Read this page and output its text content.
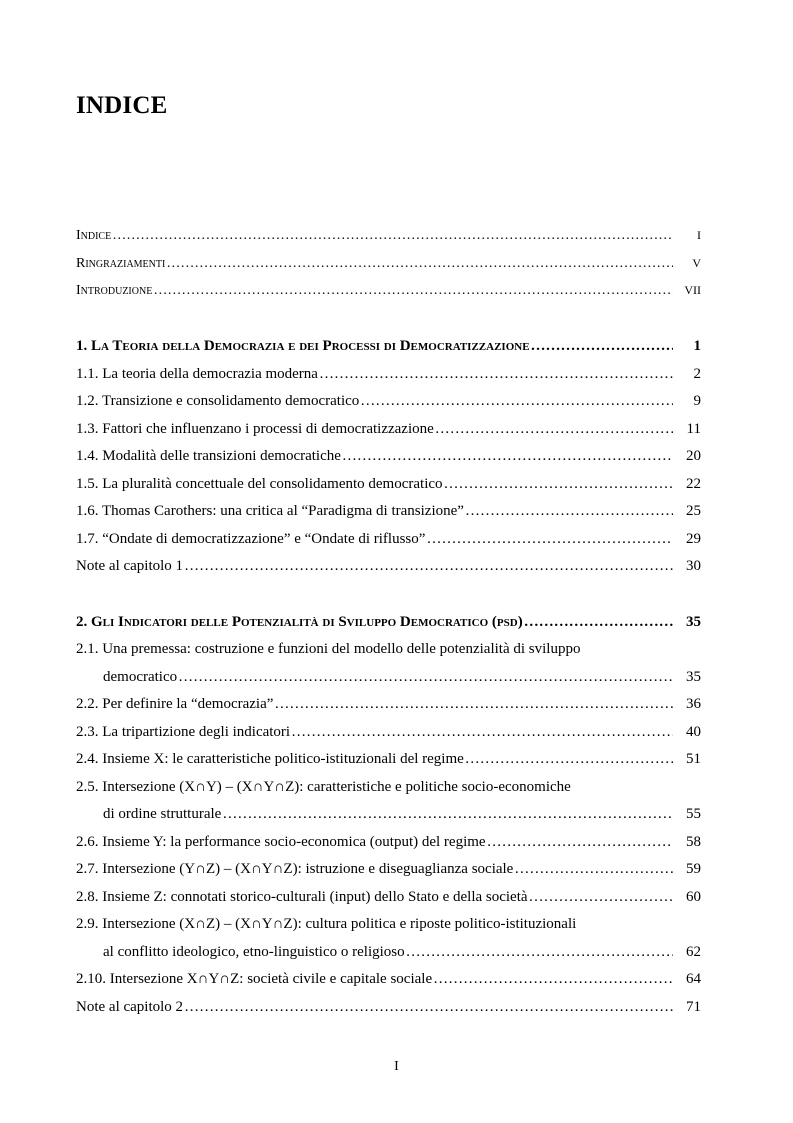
INDICE
Indice ………………………………………………………………………………………………………………………………………………	I
Ringraziamenti ………………………………………………………………………………………………………………………………………………	V
Introduzione ………………………………………………………………………………………………………………………………………………	VII
1. La Teoria della Democrazia e dei Processi di Democratizzazione ………………………………………………………………………………………………………………………………………………	1
1.1. La teoria della democrazia moderna ………………………………………………………………………………………………………………………………………………	2
1.2. Transizione e consolidamento democratico ………………………………………………………………………………………………………………………………………………	9
1.3. Fattori che influenzano i processi di democratizzazione ………………………………………………………………………………………………………………………………………………	11
1.4. Modalità delle transizioni democratiche ………………………………………………………………………………………………………………………………………………	20
1.5. La pluralità concettuale del consolidamento democratico ………………………………………………………………………………………………………………………………………………	22
1.6. Thomas Carothers: una critica al “Paradigma di transizione” ………………………………………………………………………………………………………………………………………………	25
1.7. “Ondate di democratizzazione” e “Ondate di riflusso” ………………………………………………………………………………………………………………………………………………	29
Note al capitolo 1 ………………………………………………………………………………………………………………………………………………	30
2. Gli Indicatori delle Potenzialità di Sviluppo Democratico (psd) ………………………………………………………………………………………………………………………………………………	35
2.1. Una premessa: costruzione e funzioni del modello delle potenzialità di sviluppo
democratico ………………………………………………………………………………………………………………………………………………	35
2.2. Per definire la “democrazia” ………………………………………………………………………………………………………………………………………………	36
2.3. La tripartizione degli indicatori ………………………………………………………………………………………………………………………………………………	40
2.4. Insieme X: le caratteristiche politico-istituzionali del regime ………………………………………………………………………………………………………………………………………………	51
2.5. Intersezione (X∩Y) – (X∩Y∩Z): caratteristiche e politiche socio-economiche
di ordine strutturale ………………………………………………………………………………………………………………………………………………	55
2.6. Insieme Y: la performance socio-economica (output) del regime ………………………………………………………………………………………………………………………………………………	58
2.7. Intersezione (Y∩Z) – (X∩Y∩Z): istruzione e diseguaglianza sociale ………………………………………………………………………………………………………………………………………………	59
2.8. Insieme Z: connotati storico-culturali (input) dello Stato e della società ………………………………………………………………………………………………………………………………………………	60
2.9. Intersezione (X∩Z) – (X∩Y∩Z): cultura politica e riposte politico-istituzionali
al conflitto ideologico, etno-linguistico o religioso ………………………………………………………………………………………………………………………………………………	62
2.10. Intersezione X∩Y∩Z: società civile e capitale sociale ………………………………………………………………………………………………………………………………………………	64
Note al capitolo 2 ………………………………………………………………………………………………………………………………………………	71
I
